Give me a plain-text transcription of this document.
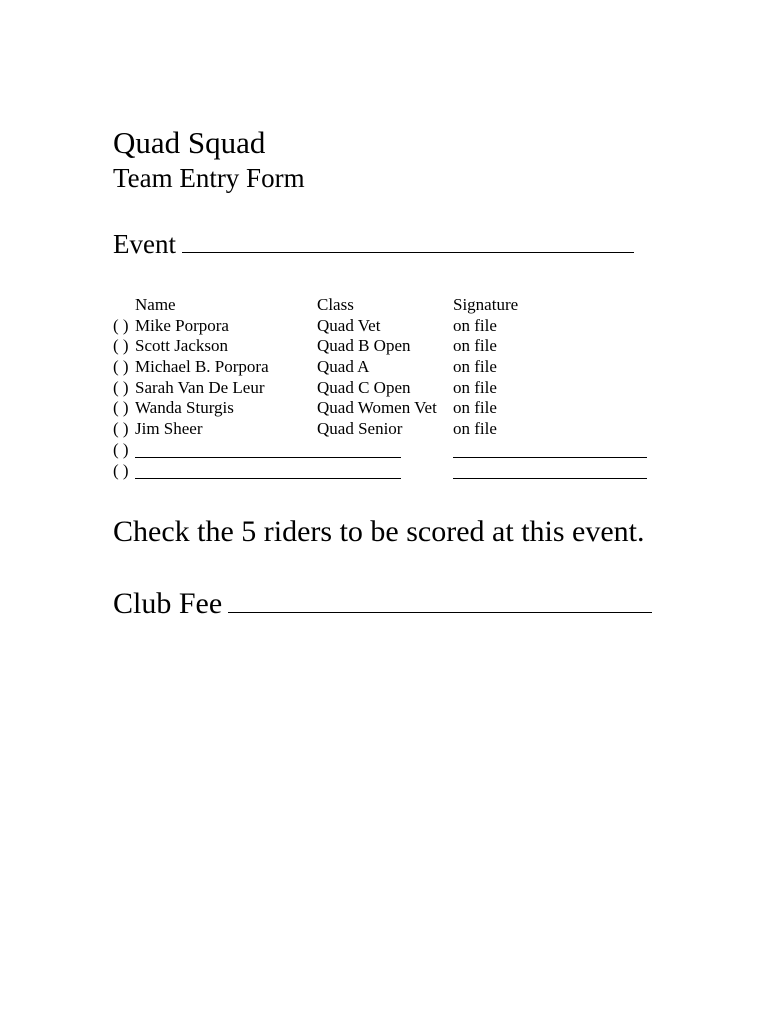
Quad Squad
Team Entry Form
Event
Name	Class	Signature
( ) Mike Porpora	Quad Vet	on file
( ) Scott Jackson	Quad B Open	on file
( ) Michael B. Porpora	Quad A	on file
( ) Sarah Van De Leur	Quad C Open	on file
( ) Wanda Sturgis	Quad Women Vet on file
( ) Jim Sheer	Quad Senior	on file
( )
( )
Check the 5 riders to be scored at this event.
Club Fee
